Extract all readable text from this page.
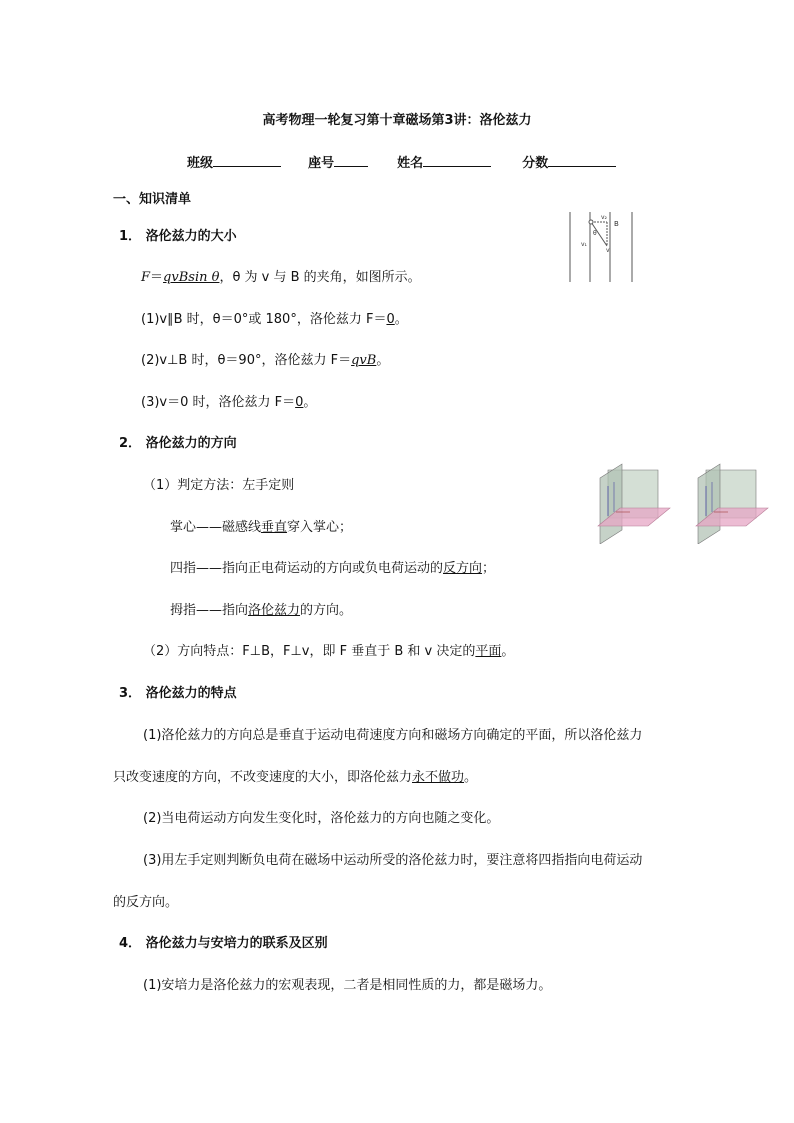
高考物理一轮复习第十章磁场第3讲：洛伦兹力
班级	座号	姓名	分数
一、知识清单
1． 洛伦兹力的大小
F＝qvBsin θ，θ 为 v 与 B 的夹角，如图所示。
(1)v∥B 时，θ＝0°或 180°，洛伦兹力 F＝0。
(2)v⊥B 时，θ＝90°，洛伦兹力 F＝qvB。
(3)v＝0 时，洛伦兹力 F＝0。
v₂
B
θ
v₁
v
2． 洛伦兹力的方向
（1）判定方法：左手定则
掌心——磁感线垂直穿入掌心；
四指——指向正电荷运动的方向或负电荷运动的反方向；
拇指——指向洛伦兹力的方向。
（2）方向特点：F⊥B，F⊥v，即 F 垂直于 B 和 v 决定的平面。
3． 洛伦兹力的特点
(1)洛伦兹力的方向总是垂直于运动电荷速度方向和磁场方向确定的平面，所以洛伦兹力
只改变速度的方向，不改变速度的大小，即洛伦兹力永不做功。
(2)当电荷运动方向发生变化时，洛伦兹力的方向也随之变化。
(3)用左手定则判断负电荷在磁场中运动所受的洛伦兹力时，要注意将四指指向电荷运动
的反方向。
4． 洛伦兹力与安培力的联系及区别
(1)安培力是洛伦兹力的宏观表现，二者是相同性质的力，都是磁场力。
